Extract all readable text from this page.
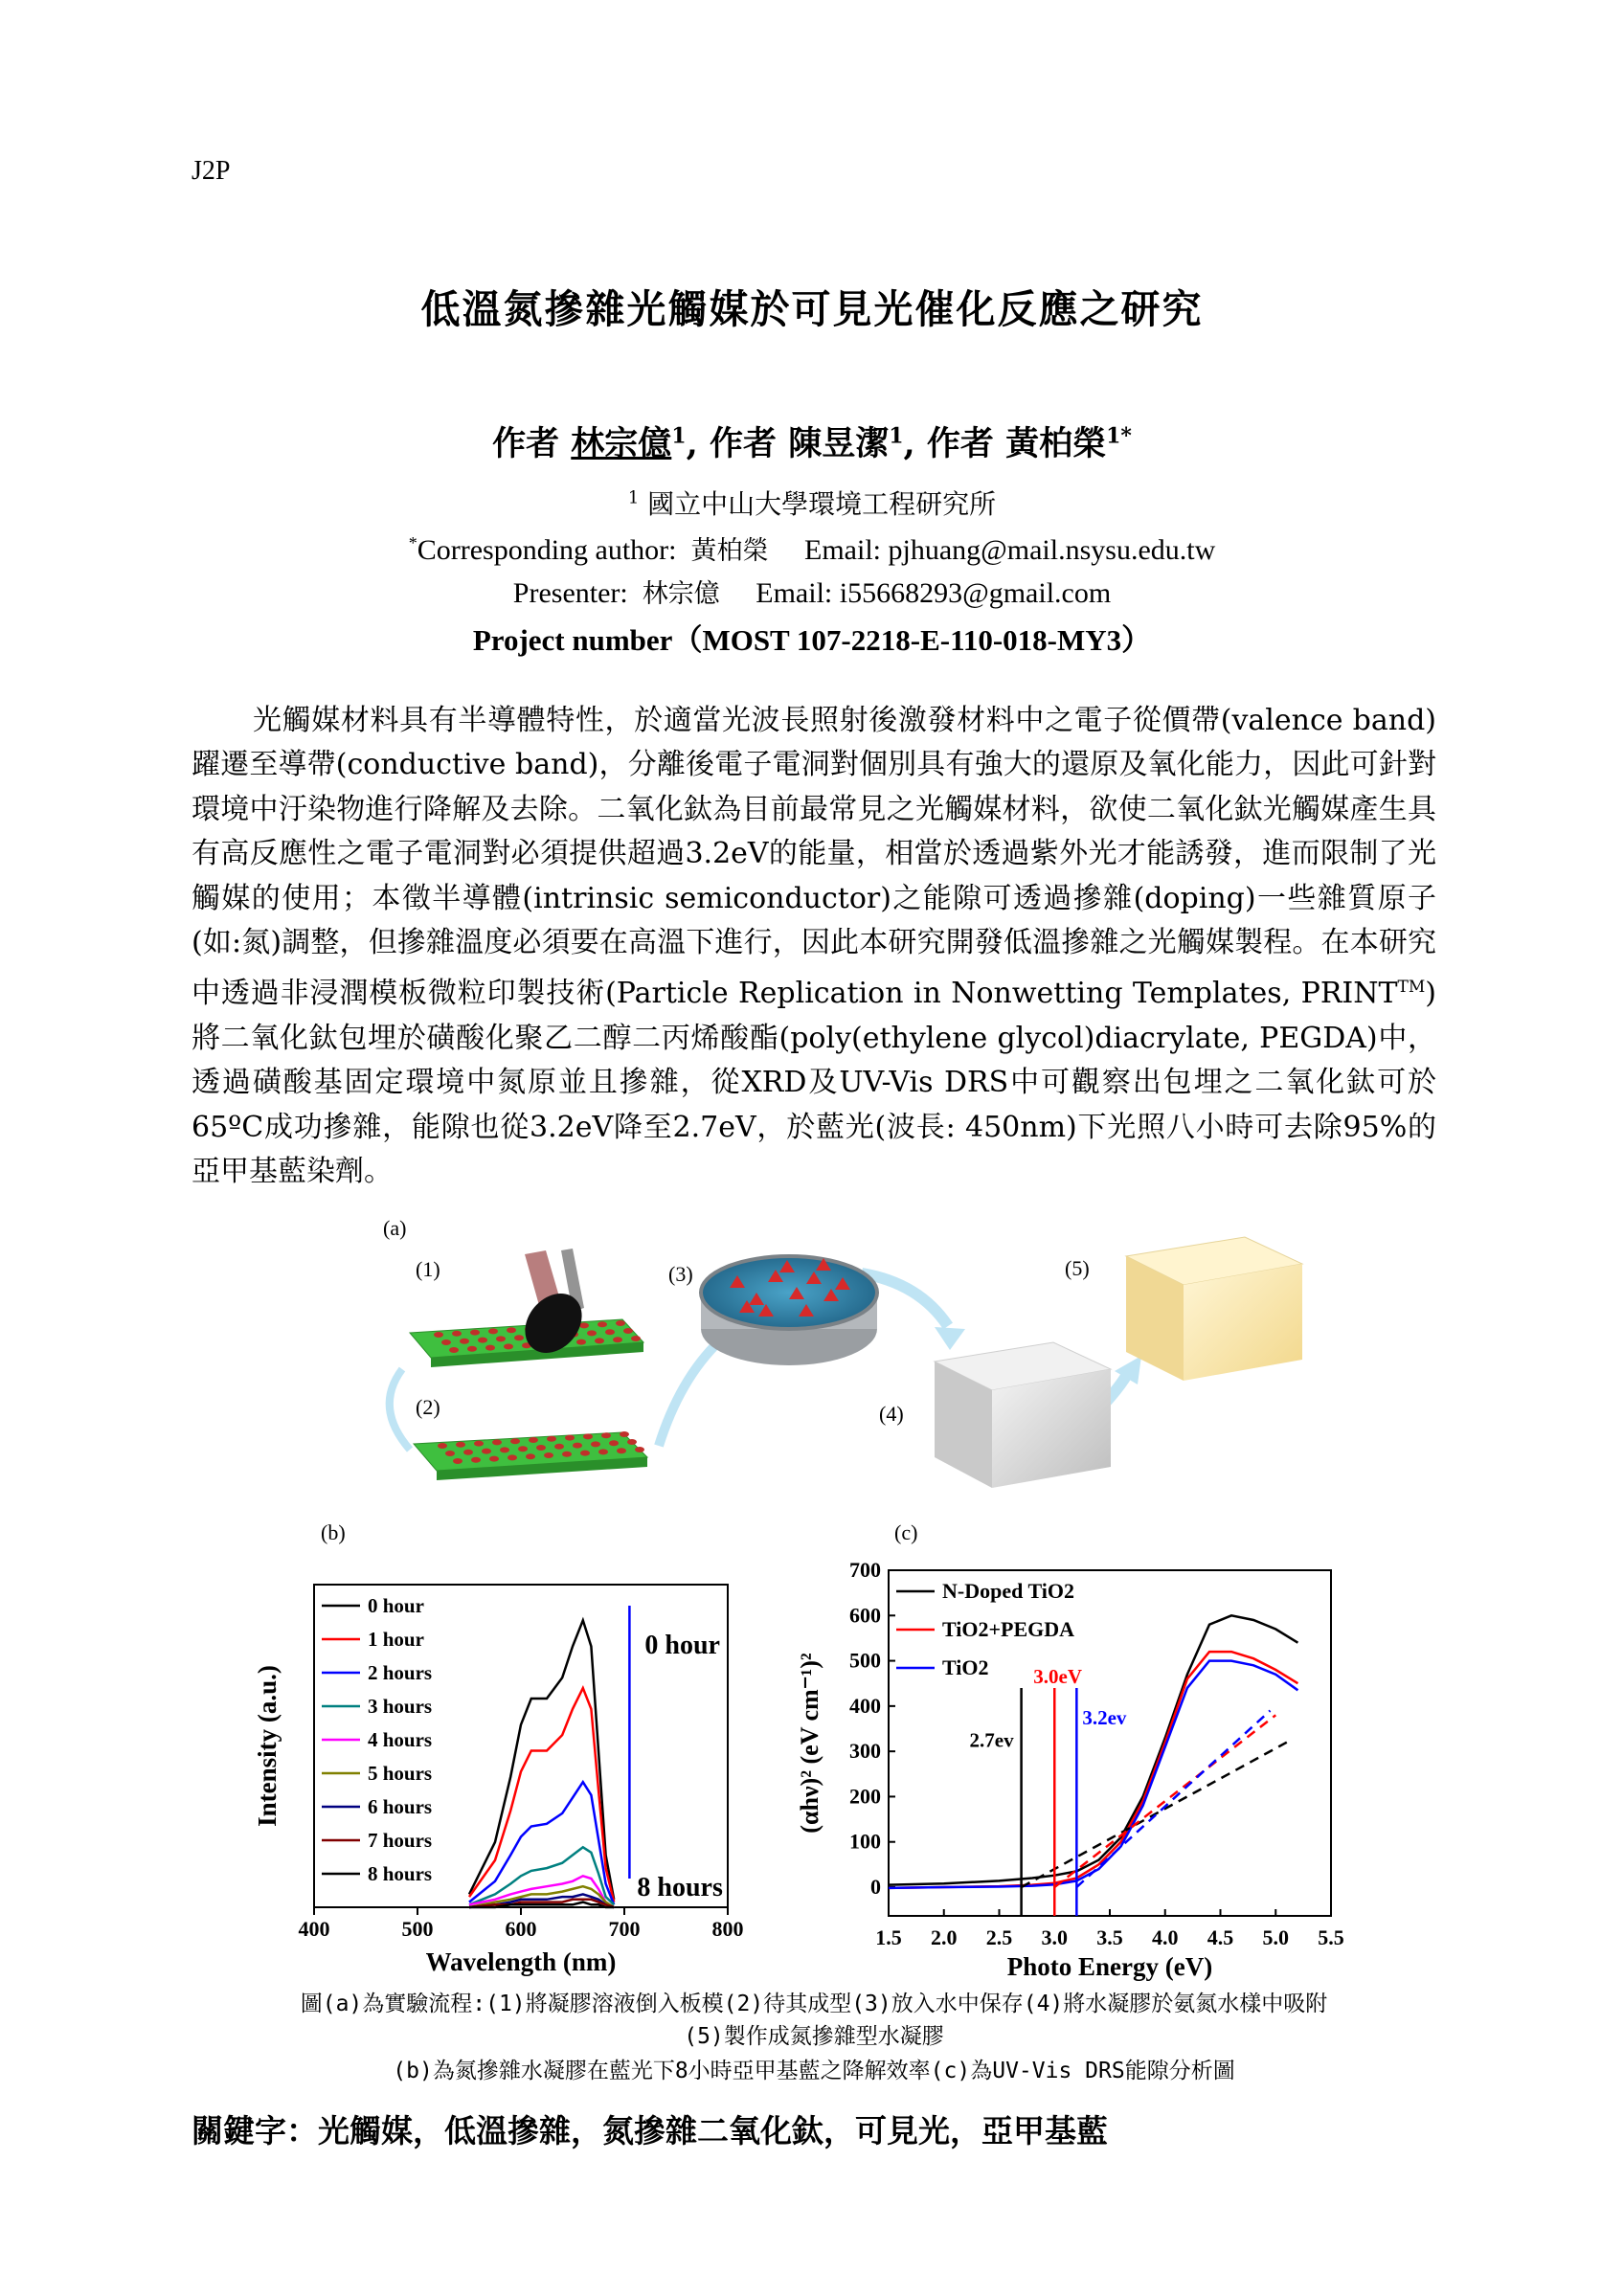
J2P
低溫氮摻雜光觸媒於可見光催化反應之研究
作者 林宗億$^1$, 作者 陳昱潔$^1$, 作者 黃柏榮$^{1*}$
$^1$ 國立中山大學環境工程研究所
*Corresponding author: 黃柏榮 Email: pjhuang@mail.nsysu.edu.tw
Presenter: 林宗億 Email: i55668293@gmail.com
Project number（MOST 107-2218-E-110-018-MY3）
光觸媒材料具有半導體特性，於適當光波長照射後激發材料中之電子從價帶(valence band)躍遷至導帶(conductive band)，分離後電子電洞對個別具有強大的還原及氧化能力，因此可針對環境中汙染物進行降解及去除。二氧化鈦為目前最常見之光觸媒材料，欲使二氧化鈦光觸媒產生具有高反應性之電子電洞對必須提供超過3.2eV的能量，相當於透過紫外光才能誘發，進而限制了光觸媒的使用；本徵半導體(intrinsic semiconductor)之能隙可透過摻雜(doping)一些雜質原子(如:氮)調整，但摻雜溫度必須要在高溫下進行，因此本研究開發低溫摻雜之光觸媒製程。在本研究中透過非浸潤模板微粒印製技術(Particle Replication in Nonwetting Templates, PRINT™)將二氧化鈦包埋於磺酸化聚乙二醇二丙烯酸酯(poly(ethylene glycol)diacrylate, PEGDA)中，透過磺酸基固定環境中氮原並且摻雜，從XRD及UV-Vis DRS中可觀察出包埋之二氧化鈦可於65ºC成功摻雜，能隙也從3.2eV降至2.7eV，於藍光(波長: 450nm)下光照八小時可去除95%的亞甲基藍染劑。
(a)
(1)
(2)
(3)
(4)
(5)
(b)	(c)
400	500	600	700	800
Wavelength (nm)
Intensity (a.u.)
0 hour
8 hours
0 hour
1 hour
2 hours
3 hours
4 hours
5 hours
6 hours
7 hours
8 hours
1.5 2.0 2.5 3.0 3.5 4.0 4.5 5.0 5.5
0
100
200
300
400
500
600
700
Photo Energy (eV)
(αhν)² (eV cm⁻¹)²	2.7ev
3.0eV
3.2ev
N-Doped TiO2
TiO2+PEGDA
TiO2
圖(a)為實驗流程:(1)將凝膠溶液倒入板模(2)待其成型(3)放入水中保存(4)將水凝膠於氨氮水樣中吸附
(5)製作成氮摻雜型水凝膠
(b)為氮摻雜水凝膠在藍光下8小時亞甲基藍之降解效率(c)為UV-Vis DRS能隙分析圖
關鍵字：光觸媒，低溫摻雜，氮摻雜二氧化鈦，可見光，亞甲基藍
